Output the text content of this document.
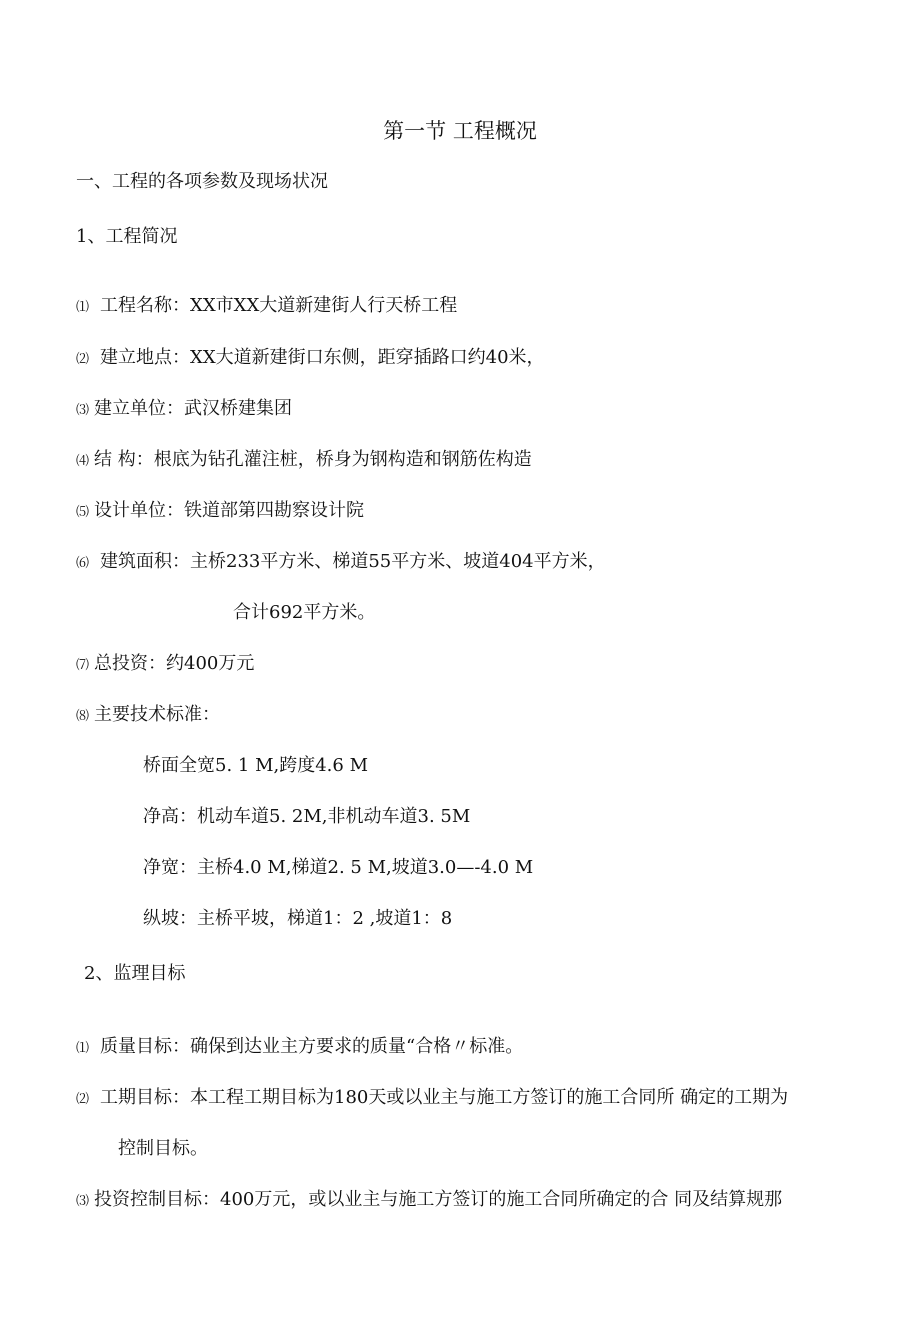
第一节 工程概况
一、工程的各项参数及现场状况
1、工程简况
⑴ 工程名称：XX市XX大道新建街人行天桥工程
⑵ 建立地点：XX大道新建街口东侧，距穿插路口约40米，
⑶ 建立单位：武汉桥建集团
⑷ 结 构：根底为钻孔灌注桩，桥身为钢构造和钢筋佐构造
⑸ 设计单位：铁道部第四勘察设计院
⑹ 建筑面积：主桥233平方米、梯道55平方米、坡道404平方米，
合计692平方米。
⑺ 总投资：约400万元
⑻ 主要技术标准：
桥面全宽5. 1 M,跨度4.6 M
净高：机动车道5. 2M,非机动车道3. 5M
净宽：主桥4.0 M,梯道2. 5 M,坡道3.0—-4.0 M
纵坡：主桥平坡，梯道1：2 ,坡道1：8
2、监理目标
⑴ 质量目标：确保到达业主方要求的质量“合格〃标准。
⑵ 工期目标：本工程工期目标为180天或以业主与施工方签订的施工合同所 确定的工期为
控制目标。
⑶ 投资控制目标：400万元，或以业主与施工方签订的施工合同所确定的合 同及结算规那
